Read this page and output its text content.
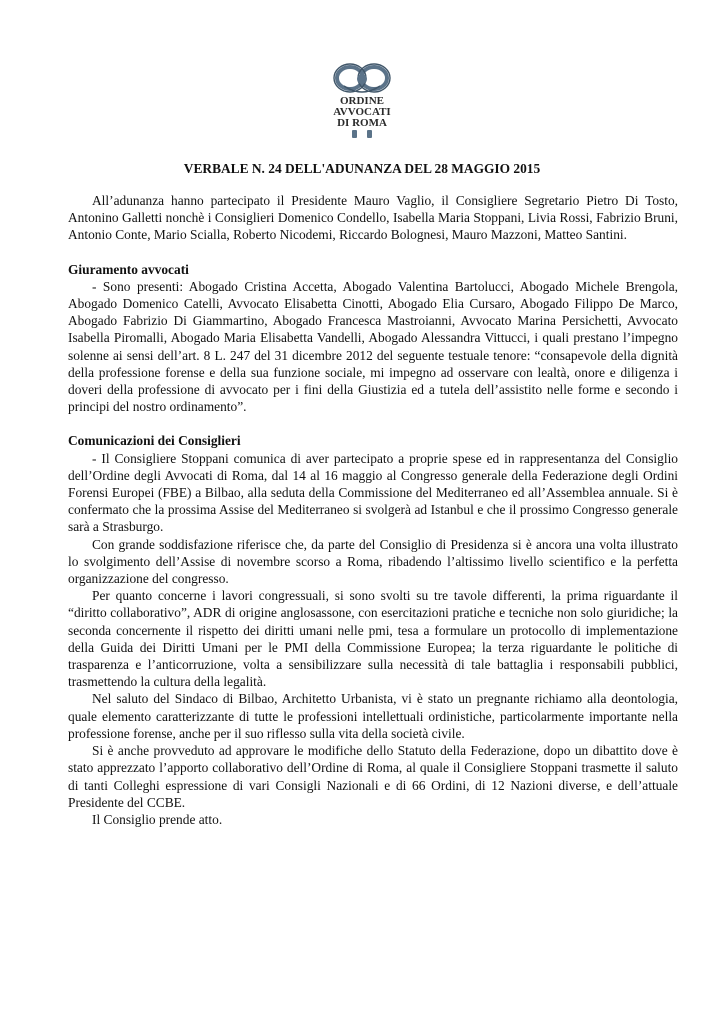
ORDINE
AVVOCATI
DI ROMA
VERBALE N. 24 DELL'ADUNANZA DEL 28 MAGGIO 2015

All’adunanza hanno partecipato il Presidente Mauro Vaglio, il Consigliere Segretario Pietro Di Tosto, Antonino Galletti nonchè i Consiglieri Domenico Condello, Isabella Maria Stoppani, Livia Rossi, Fabrizio Bruni, Antonio Conte, Mario Scialla, Roberto Nicodemi, Riccardo Bolognesi, Mauro Mazzoni, Matteo Santini.

Giuramento avvocati

- Sono presenti: Abogado Cristina Accetta, Abogado Valentina Bartolucci, Abogado Michele Brengola, Abogado Domenico Catelli, Avvocato Elisabetta Cinotti, Abogado Elia Cursaro, Abogado Filippo De Marco, Abogado Fabrizio Di Giammartino, Abogado Francesca Mastroianni, Avvocato Marina Persichetti, Avvocato Isabella Piromalli, Abogado Maria Elisabetta Vandelli, Abogado Alessandra Vittucci, i quali prestano l’impegno solenne ai sensi dell’art. 8 L. 247 del 31 dicembre 2012 del seguente testuale tenore: “consapevole della dignità della professione forense e della sua funzione sociale, mi impegno ad osservare con lealtà, onore e diligenza i doveri della professione di avvocato per i fini della Giustizia ed a tutela dell’assistito nelle forme e secondo i principi del nostro ordinamento”.

Comunicazioni dei Consiglieri

- Il Consigliere Stoppani comunica di aver partecipato a proprie spese ed in rappresentanza del Consiglio dell’Ordine degli Avvocati di Roma, dal 14 al 16 maggio al Congresso generale della Federazione degli Ordini Forensi Europei (FBE) a Bilbao, alla seduta della Commissione del Mediterraneo ed all’Assemblea annuale. Si è confermato che la prossima Assise del Mediterraneo si svolgerà ad Istanbul e che il prossimo Congresso generale sarà a Strasburgo.

Con grande soddisfazione riferisce che, da parte del Consiglio di Presidenza si è ancora una volta illustrato lo svolgimento dell’Assise di novembre scorso a Roma, ribadendo l’altissimo livello scientifico e la perfetta organizzazione del congresso.

Per quanto concerne i lavori congressuali, si sono svolti su tre tavole differenti, la prima riguardante il “diritto collaborativo”, ADR di origine anglosassone, con esercitazioni pratiche e tecniche non solo giuridiche; la seconda concernente il rispetto dei diritti umani nelle pmi, tesa a formulare un protocollo di implementazione della Guida dei Diritti Umani per le PMI della Commissione Europea; la terza riguardante le politiche di trasparenza e l’anticorruzione, volta a sensibilizzare sulla necessità di tale battaglia i responsabili pubblici, trasmettendo la cultura della legalità.

Nel saluto del Sindaco di Bilbao, Architetto Urbanista, vi è stato un pregnante richiamo alla deontologia, quale elemento caratterizzante di tutte le professioni intellettuali ordinistiche, particolarmente importante nella professione forense, anche per il suo riflesso sulla vita della società civile.

Si è anche provveduto ad approvare le modifiche dello Statuto della Federazione, dopo un dibattito dove è stato apprezzato l’apporto collaborativo dell’Ordine di Roma, al quale il Consigliere Stoppani trasmette il saluto di tanti Colleghi espressione di vari Consigli Nazionali e di 66 Ordini, di 12 Nazioni diverse, e dell’attuale Presidente del CCBE.

Il Consiglio prende atto.
